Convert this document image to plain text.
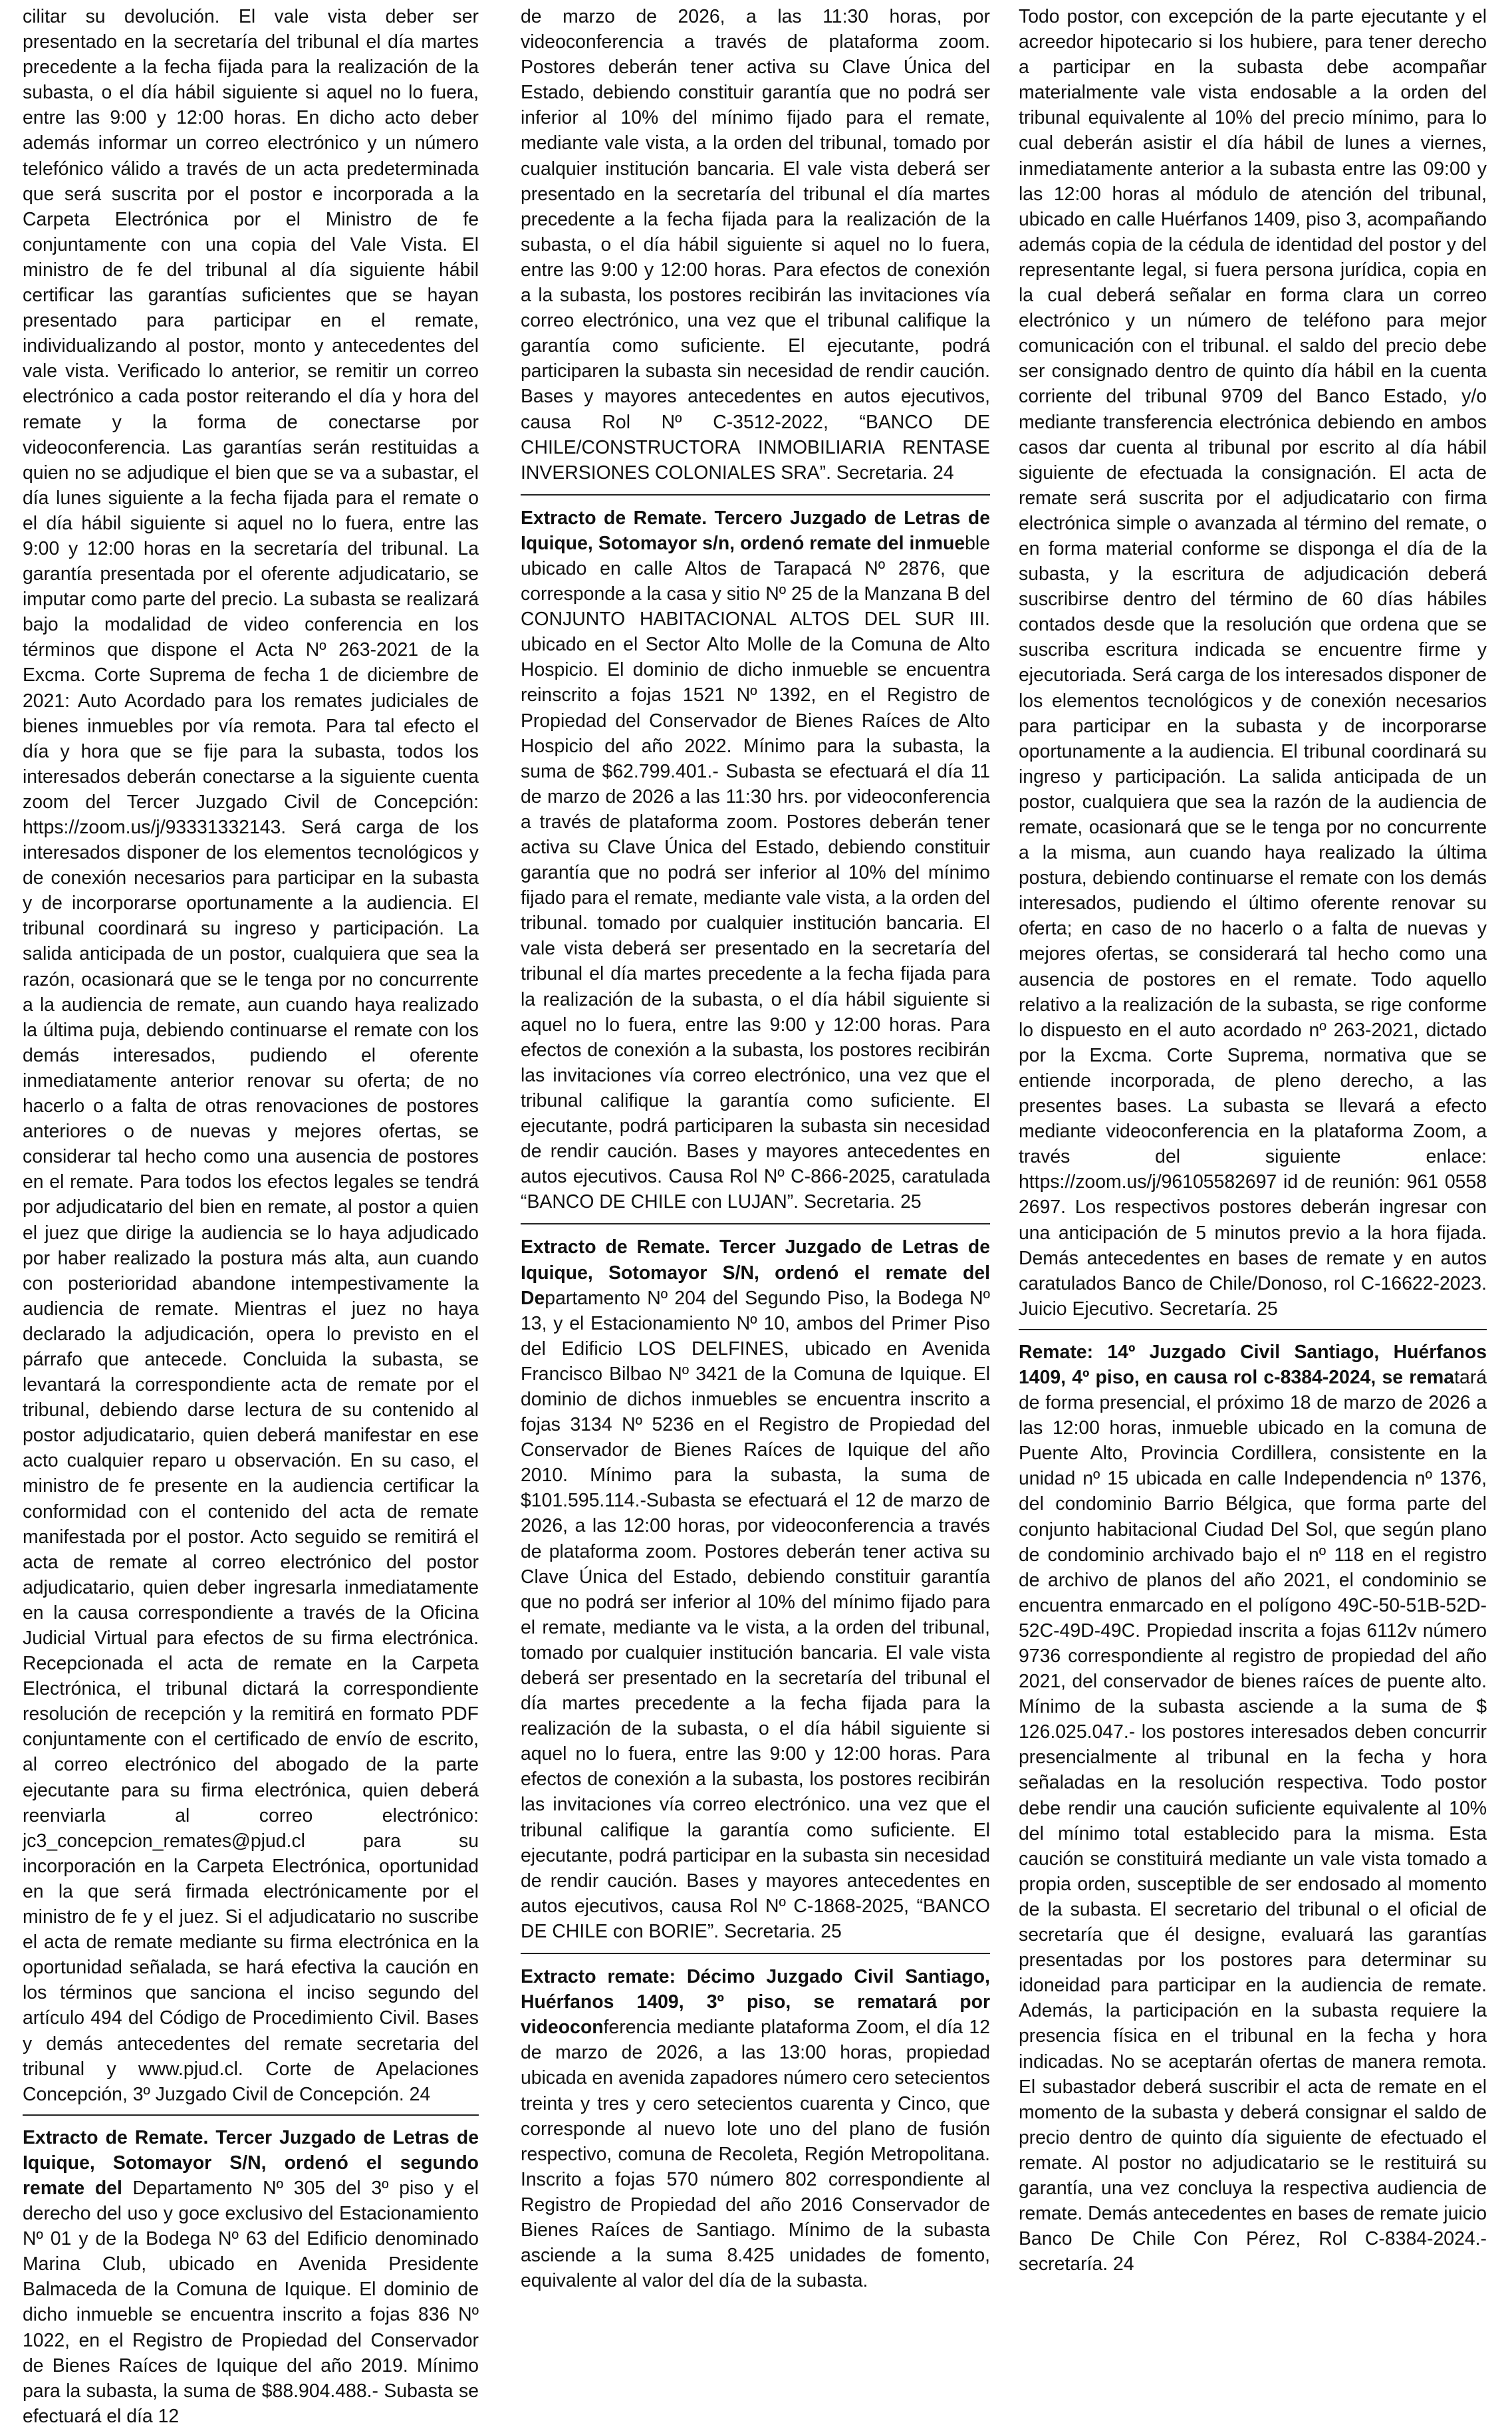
cilitar su devolución. El vale vista deber ser presentado en la secretaría del tribunal el día martes precedente a la fecha fijada para la realización de la subasta, o el día hábil siguiente si aquel no lo fuera, entre las 9:00 y 12:00 horas. En dicho acto deber además informar un correo electrónico y un número telefónico válido a través de un acta predeterminada que será suscrita por el postor e incorporada a la Carpeta Electrónica por el Ministro de fe conjuntamente con una copia del Vale Vista. El ministro de fe del tribunal al día siguiente hábil certificar las garantías suficientes que se hayan presentado para participar en el remate, individualizando al postor, monto y antecedentes del vale vista. Verificado lo anterior, se remitir un correo electrónico a cada postor reiterando el día y hora del remate y la forma de conectarse por videoconferencia. Las garantías serán restituidas a quien no se adjudique el bien que se va a subastar, el día lunes siguiente a la fecha fijada para el remate o el día hábil siguiente si aquel no lo fuera, entre las 9:00 y 12:00 horas en la secretaría del tribunal. La garantía presentada por el oferente adjudicatario, se imputar como parte del precio. La subasta se realizará bajo la modalidad de video conferencia en los términos que dispone el Acta Nº 263-2021 de la Excma. Corte Suprema de fecha 1 de diciembre de 2021: Auto Acordado para los remates judiciales de bienes inmuebles por vía remota. Para tal efecto el día y hora que se fije para la subasta, todos los interesados deberán conectarse a la siguiente cuenta zoom del Tercer Juzgado Civil de Concepción: https://zoom.us/j/93331332143. Será carga de los interesados disponer de los elementos tecnológicos y de conexión necesarios para participar en la subasta y de incorporarse oportunamente a la audiencia. El tribunal coordinará su ingreso y participación. La salida anticipada de un postor, cualquiera que sea la razón, ocasionará que se le tenga por no concurrente a la audiencia de remate, aun cuando haya realizado la última puja, debiendo continuarse el remate con los demás interesados, pudiendo el oferente inmediatamente anterior renovar su oferta; de no hacerlo o a falta de otras renovaciones de postores anteriores o de nuevas y mejores ofertas, se considerar tal hecho como una ausencia de postores en el remate. Para todos los efectos legales se tendrá por adjudicatario del bien en remate, al postor a quien el juez que dirige la audiencia se lo haya adjudicado por haber realizado la postura más alta, aun cuando con posterioridad abandone intempestivamente la audiencia de remate. Mientras el juez no haya declarado la adjudicación, opera lo previsto en el párrafo que antecede. Concluida la subasta, se levantará la correspondiente acta de remate por el tribunal, debiendo darse lectura de su contenido al postor adjudicatario, quien deberá manifestar en ese acto cualquier reparo u observación. En su caso, el ministro de fe presente en la audiencia certificar la conformidad con el contenido del acta de remate manifestada por el postor. Acto seguido se remitirá el acta de remate al correo electrónico del postor adjudicatario, quien deber ingresarla inmediatamente en la causa correspondiente a través de la Oficina Judicial Virtual para efectos de su firma electrónica. Recepcionada el acta de remate en la Carpeta Electrónica, el tribunal dictará la correspondiente resolución de recepción y la remitirá en formato PDF conjuntamente con el certificado de envío de escrito, al correo electrónico del abogado de la parte ejecutante para su firma electrónica, quien deberá reenviarla al correo electrónico: jc3_concepcion_remates@pjud.cl para su incorporación en la Carpeta Electrónica, oportunidad en la que será firmada electrónicamente por el ministro de fe y el juez. Si el adjudicatario no suscribe el acta de remate mediante su firma electrónica en la oportunidad señalada, se hará efectiva la caución en los términos que sanciona el inciso segundo del artículo 494 del Código de Procedimiento Civil. Bases y demás antecedentes del remate secretaria del tribunal y www.pjud.cl. Corte de Apelaciones Concepción, 3º Juzgado Civil de Concepción. 24

Extracto de Remate. Tercer Juzgado de Letras de Iquique, Sotomayor S/N, ordenó el segundo remate del Departamento Nº 305 del 3º piso y el derecho del uso y goce exclusivo del Estacionamiento Nº 01 y de la Bodega Nº 63 del Edificio denominado Marina Club, ubicado en Avenida Presidente Balmaceda de la Comuna de Iquique. El dominio de dicho inmueble se encuentra inscrito a fojas 836 Nº 1022, en el Registro de Propiedad del Conservador de Bienes Raíces de Iquique del año 2019. Mínimo para la subasta, la suma de $88.904.488.- Subasta se efectuará el día 12

de marzo de 2026, a las 11:30 horas, por videoconferencia a través de plataforma zoom. Postores deberán tener activa su Clave Única del Estado, debiendo constituir garantía que no podrá ser inferior al 10% del mínimo fijado para el remate, mediante vale vista, a la orden del tribunal, tomado por cualquier institución bancaria. El vale vista deberá ser presentado en la secretaría del tribunal el día martes precedente a la fecha fijada para la realización de la subasta, o el día hábil siguiente si aquel no lo fuera, entre las 9:00 y 12:00 horas. Para efectos de conexión a la subasta, los postores recibirán las invitaciones vía correo electrónico, una vez que el tribunal califique la garantía como suficiente. El ejecutante, podrá participaren la subasta sin necesidad de rendir caución. Bases y mayores antecedentes en autos ejecutivos, causa Rol Nº C-3512-2022, “BANCO DE CHILE/CONSTRUCTORA INMOBILIARIA RENTASE INVERSIONES COLONIALES SRA”. Secretaria. 24

Extracto de Remate. Tercero Juzgado de Letras de Iquique, Sotomayor s/n, ordenó remate del inmueble ubicado en calle Altos de Tarapacá Nº 2876, que corresponde a la casa y sitio Nº 25 de la Manzana B del CONJUNTO HABITACIONAL ALTOS DEL SUR III. ubicado en el Sector Alto Molle de la Comuna de Alto Hospicio. El dominio de dicho inmueble se encuentra reinscrito a fojas 1521 Nº 1392, en el Registro de Propiedad del Conservador de Bienes Raíces de Alto Hospicio del año 2022. Mínimo para la subasta, la suma de $62.799.401.- Subasta se efectuará el día 11 de marzo de 2026 a las 11:30 hrs. por videoconferencia a través de plataforma zoom. Postores deberán tener activa su Clave Única del Estado, debiendo constituir garantía que no podrá ser inferior al 10% del mínimo fijado para el remate, mediante vale vista, a la orden del tribunal. tomado por cualquier institución bancaria. El vale vista deberá ser presentado en la secretaría del tribunal el día martes precedente a la fecha fijada para la realización de la subasta, o el día hábil siguiente si aquel no lo fuera, entre las 9:00 y 12:00 horas. Para efectos de conexión a la subasta, los postores recibirán las invitaciones vía correo electrónico, una vez que el tribunal califique la garantía como suficiente. El ejecutante, podrá participaren la subasta sin necesidad de rendir caución. Bases y mayores antecedentes en autos ejecutivos. Causa Rol Nº C-866-2025, caratulada “BANCO DE CHILE con LUJAN”. Secretaria. 25

Extracto de Remate. Tercer Juzgado de Letras de Iquique, Sotomayor S/N, ordenó el remate del Departamento Nº 204 del Segundo Piso, la Bodega Nº 13, y el Estacionamiento Nº 10, ambos del Primer Piso del Edificio LOS DELFINES, ubicado en Avenida Francisco Bilbao Nº 3421 de la Comuna de Iquique. El dominio de dichos inmuebles se encuentra inscrito a fojas 3134 Nº 5236 en el Registro de Propiedad del Conservador de Bienes Raíces de Iquique del año 2010. Mínimo para la subasta, la suma de $101.595.114.-Subasta se efectuará el 12 de marzo de 2026, a las 12:00 horas, por videoconferencia a través de plataforma zoom. Postores deberán tener activa su Clave Única del Estado, debiendo constituir garantía que no podrá ser inferior al 10% del mínimo fijado para el remate, mediante va le vista, a la orden del tribunal, tomado por cualquier institución bancaria. El vale vista deberá ser presentado en la secretaría del tribunal el día martes precedente a la fecha fijada para la realización de la subasta, o el día hábil siguiente si aquel no lo fuera, entre las 9:00 y 12:00 horas. Para efectos de conexión a la subasta, los postores recibirán las invitaciones vía correo electrónico. una vez que el tribunal califique la garantía como suficiente. El ejecutante, podrá participar en la subasta sin necesidad de rendir caución. Bases y mayores antecedentes en autos ejecutivos, causa Rol Nº C-1868-2025, “BANCO DE CHILE con BORIE”. Secretaria. 25

Extracto remate: Décimo Juzgado Civil Santiago, Huérfanos 1409, 3º piso, se rematará por videoconferencia mediante plataforma Zoom, el día 12 de marzo de 2026, a las 13:00 horas, propiedad ubicada en avenida zapadores número cero setecientos treinta y tres y cero setecientos cuarenta y Cinco, que corresponde al nuevo lote uno del plano de fusión respectivo, comuna de Recoleta, Región Metropolitana. Inscrito a fojas 570 número 802 correspondiente al Registro de Propiedad del año 2016 Conservador de Bienes Raíces de Santiago. Mínimo de la subasta asciende a la suma 8.425 unidades de fomento, equivalente al valor del día de la subasta.

Todo postor, con excepción de la parte ejecutante y el acreedor hipotecario si los hubiere, para tener derecho a participar en la subasta debe acompañar materialmente vale vista endosable a la orden del tribunal equivalente al 10% del precio mínimo, para lo cual deberán asistir el día hábil de lunes a viernes, inmediatamente anterior a la subasta entre las 09:00 y las 12:00 horas al módulo de atención del tribunal, ubicado en calle Huérfanos 1409, piso 3, acompañando además copia de la cédula de identidad del postor y del representante legal, si fuera persona jurídica, copia en la cual deberá señalar en forma clara un correo electrónico y un número de teléfono para mejor comunicación con el tribunal. el saldo del precio debe ser consignado dentro de quinto día hábil en la cuenta corriente del tribunal 9709 del Banco Estado, y/o mediante transferencia electrónica debiendo en ambos casos dar cuenta al tribunal por escrito al día hábil siguiente de efectuada la consignación. El acta de remate será suscrita por el adjudicatario con firma electrónica simple o avanzada al término del remate, o en forma material conforme se disponga el día de la subasta, y la escritura de adjudicación deberá suscribirse dentro del término de 60 días hábiles contados desde que la resolución que ordena que se suscriba escritura indicada se encuentre firme y ejecutoriada. Será carga de los interesados disponer de los elementos tecnológicos y de conexión necesarios para participar en la subasta y de incorporarse oportunamente a la audiencia. El tribunal coordinará su ingreso y participación. La salida anticipada de un postor, cualquiera que sea la razón de la audiencia de remate, ocasionará que se le tenga por no concurrente a la misma, aun cuando haya realizado la última postura, debiendo continuarse el remate con los demás interesados, pudiendo el último oferente renovar su oferta; en caso de no hacerlo o a falta de nuevas y mejores ofertas, se considerará tal hecho como una ausencia de postores en el remate. Todo aquello relativo a la realización de la subasta, se rige conforme lo dispuesto en el auto acordado nº 263-2021, dictado por la Excma. Corte Suprema, normativa que se entiende incorporada, de pleno derecho, a las presentes bases. La subasta se llevará a efecto mediante videoconferencia en la plataforma Zoom, a través del siguiente enlace: https://zoom.us/j/96105582697 id de reunión: 961 0558 2697. Los respectivos postores deberán ingresar con una anticipación de 5 minutos previo a la hora fijada. Demás antecedentes en bases de remate y en autos caratulados Banco de Chile/Donoso, rol C-16622-2023. Juicio Ejecutivo. Secretaría. 25

Remate: 14º Juzgado Civil Santiago, Huérfanos 1409, 4º piso, en causa rol c-8384-2024, se rematará de forma presencial, el próximo 18 de marzo de 2026 a las 12:00 horas, inmueble ubicado en la comuna de Puente Alto, Provincia Cordillera, consistente en la unidad nº 15 ubicada en calle Independencia nº 1376, del condominio Barrio Bélgica, que forma parte del conjunto habitacional Ciudad Del Sol, que según plano de condominio archivado bajo el nº 118 en el registro de archivo de planos del año 2021, el condominio se encuentra enmarcado en el polígono 49C-50-51B-52D-52C-49D-49C. Propiedad inscrita a fojas 6112v número 9736 correspondiente al registro de propiedad del año 2021, del conservador de bienes raíces de puente alto. Mínimo de la subasta asciende a la suma de $ 126.025.047.- los postores interesados deben concurrir presencialmente al tribunal en la fecha y hora señaladas en la resolución respectiva. Todo postor debe rendir una caución suficiente equivalente al 10% del mínimo total establecido para la misma. Esta caución se constituirá mediante un vale vista tomado a propia orden, susceptible de ser endosado al momento de la subasta. El secretario del tribunal o el oficial de secretaría que él designe, evaluará las garantías presentadas por los postores para determinar su idoneidad para participar en la audiencia de remate. Además, la participación en la subasta requiere la presencia física en el tribunal en la fecha y hora indicadas. No se aceptarán ofertas de manera remota. El subastador deberá suscribir el acta de remate en el momento de la subasta y deberá consignar el saldo de precio dentro de quinto día siguiente de efectuado el remate. Al postor no adjudicatario se le restituirá su garantía, una vez concluya la respectiva audiencia de remate. Demás antecedentes en bases de remate juicio Banco De Chile Con Pérez, Rol C-8384-2024.- secretaría. 24
